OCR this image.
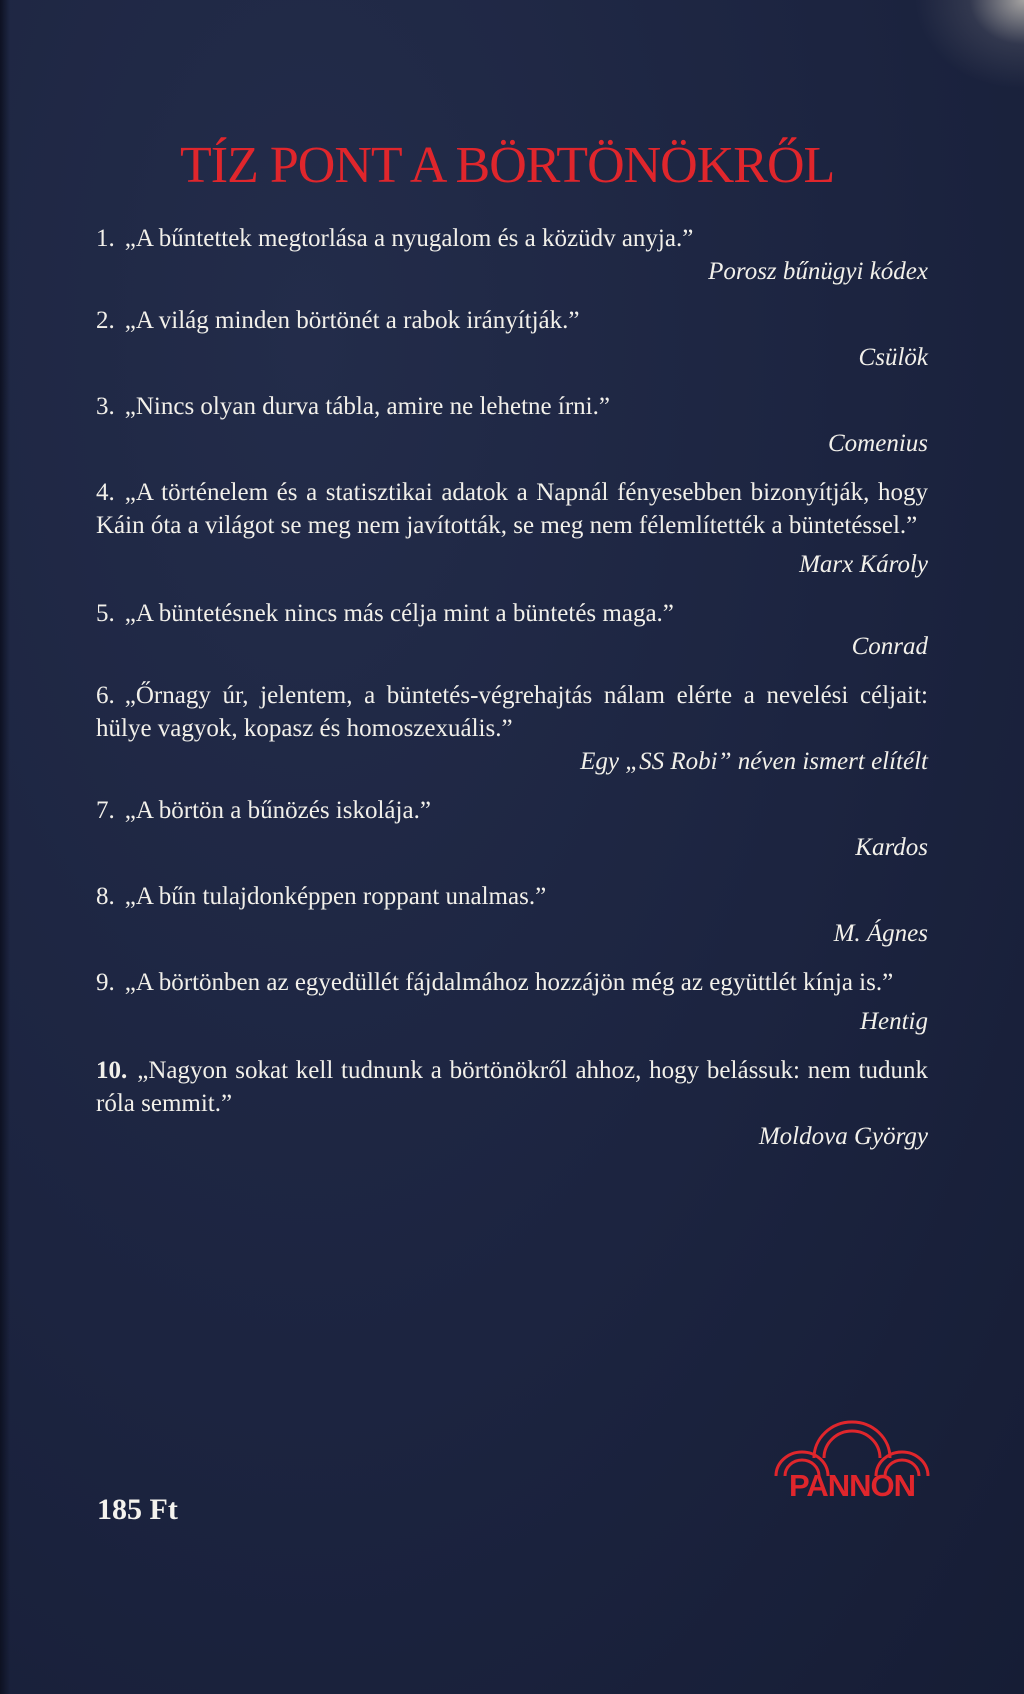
TÍZ PONT A BÖRTÖNÖKRŐL
1. „A bűntettek megtorlása a nyugalom és a közüdv anyja.”
Porosz bűnügyi kódex
2. „A világ minden börtönét a rabok irányítják.”
Csülök
3. „Nincs olyan durva tábla, amire ne lehetne írni.”
Comenius
4. „A történelem és a statisztikai adatok a Napnál fényesebben bizonyítják, hogy Káin óta a világot se meg nem javították, se meg nem félemlítették a büntetéssel.”
Marx Károly
5. „A büntetésnek nincs más célja mint a büntetés maga.”
Conrad
6. „Őrnagy úr, jelentem, a büntetés-végrehajtás nálam elérte a nevelési céljait: hülye vagyok, kopasz és homoszexuális.”
Egy „SS Robi” néven ismert elítélt
7. „A börtön a bűnözés iskolája.”
Kardos
8. „A bűn tulajdonképpen roppant unalmas.”
M. Ágnes
9. „A börtönben az egyedüllét fájdalmához hozzájön még az együttlét kínja is.”
Hentig
10. „Nagyon sokat kell tudnunk a börtönökről ahhoz, hogy belássuk: nem tudunk róla semmit.”
Moldova György
185 Ft
PANNON
